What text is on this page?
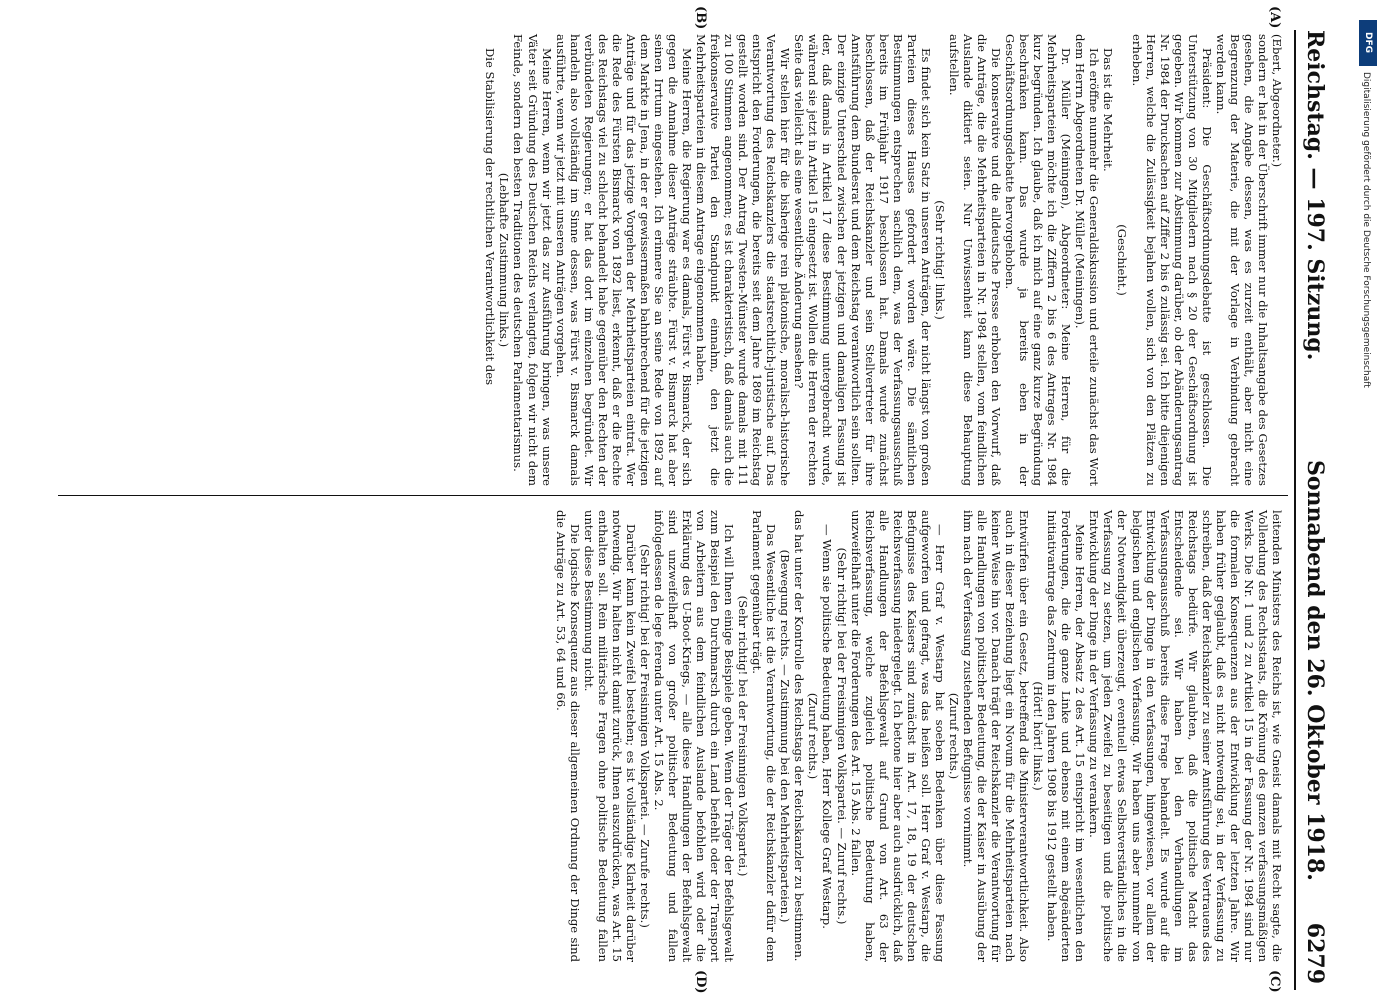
DFG
Digitalisierung gefördert durch die Deutsche Forschungsgemeinschaft
Reichstag. — 197. Sitzung.
Sonnabend den 26. Oktober 1918.
6279
(A)
(B)
(C)
(D)

(Ebert, Abgeordneter.)

sondern er hat in der Überschrift immer nur die Inhaltsangabe des Gesetzes gesehen, die Angabe dessen, was es zurzeit enthält, aber nicht eine Begrenzung der Materie, die mit der Vorlage in Verbindung gebracht werden kann.

Präsident: Die Geschäftsordnungsdebatte ist geschlossen. Die Unterstützung von 30 Mitgliedern nach § 20 der Geschäftsordnung ist gegeben. Wir kommen zur Abstimmung darüber, ob der Abänderungsantrag Nr. 1984 der Drucksachen auf Ziffer 2 bis 6 zulässig sei. Ich bitte diejenigen Herren, welche die Zulässigkeit bejahen wollen, sich von den Plätzen zu erheben.

(Geschieht.)

Das ist die Mehrheit.

Ich eröffne nunmehr die Generaldiskussion und erteile zunächst das Wort dem Herrn Abgeordneten Dr. Müller (Meiningen).

Dr. Müller (Meiningen), Abgeordneter: Meine Herren, für die Mehrheitsparteien möchte ich die Ziffern 2 bis 6 des Antrages Nr. 1984 kurz begründen. Ich glaube, daß ich mich auf eine ganz kurze Begründung beschränken kann. Das wurde ja bereits eben in der Geschäftsordnungsdebatte hervorgehoben.

Die konservative und die alldeutsche Presse erhoben den Vorwurf, daß die Anträge, die die Mehrheitsparteien in Nr. 1984 stellen, vom feindlichen Auslande diktiert seien. Nur Unwissenheit kann diese Behauptung aufstellen.

(Sehr richtig! links.)

Es findet sich kein Satz in unseren Anträgen, der nicht längst von großen Parteien dieses Hauses gefordert worden wäre. Die sämtlichen Bestimmungen entsprechen sachlich dem, was der Verfassungsausschuß bereits im Frühjahr 1917 beschlossen hat. Damals wurde zunächst beschlossen, daß der Reichskanzler und sein Stellvertreter für ihre Amtsführung dem Bundesrat und dem Reichstag verantwortlich sein sollten. Der einzige Unterschied zwischen der jetzigen und damaligen Fassung ist der, daß damals in Artikel 17 diese Bestimmung untergebracht wurde, während sie jetzt in Artikel 15 eingesetzt ist. Wollen die Herren der rechten Seite das vielleicht als eine wesentliche Änderung ansehen?

Wir stellen hier für die bisherige rein platonische, moralisch-historische Verantwortung des Reichskanzlers die staatsrechtlich-juristische auf. Das entspricht den Forderungen, die bereits seit dem Jahre 1869 im Reichstag gestellt worden sind. Der Antrag Twesten-Münster wurde damals mit 111 zu 100 Stimmen angenommen; es ist charakteristisch, daß damals auch die freikonservative Partei den Standpunkt einnahm, den jetzt die Mehrheitsparteien in diesem Antrage eingenommen haben.

Meine Herren, die Regierung war es damals, Fürst v. Bismarck, der sich gegen die Annahme dieser Anträge sträubte. Fürst v. Bismarck hat aber seinen Irrtum eingestehen. Ich erinnere Sie an seine Rede von 1892 auf dem Markte in Jena, in der er gewissermaßen bahnbrechend für die jetzigen Anträge und für das jetzige Vorgehen der Mehrheitsparteien eintrat. Wer die Rede des Fürsten Bismarck von 1892 liest, erkennt, daß er die Rechte des Reichstags viel zu schlecht behandelt habe gegenüber den Rechten der verbündeten Regierungen; er hat das dort im einzelnen begründet. Wir handeln also vollständig im Sinne dessen, was Fürst v. Bismarck damals ausführte, wenn wir jetzt mit unseren Anträgen vorgehen.

Meine Herren, wenn wir jetzt das zur Ausführung bringen, was unsere Väter seit Gründung des Deutschen Reichs verlangten, folgen wir nicht dem Feinde, sondern den besten Traditionen des deutschen Parlamentarismus.

(Lebhafte Zustimmung links.)

Die Stabilisierung der rechtlichen Verantwortlichkeit des

leitenden Ministers des Reichs ist, wie Gneist damals mit Recht sagte, die Vollendung des Rechtsstaats, die Krönung des ganzen verfassungsmäßigen Werks. Die Nr. 1 und 2 zu Artikel 15 in der Fassung der Nr. 1984 sind nur die formalen Konsequenzen aus der Entwicklung der letzten Jahre. Wir haben früher geglaubt, daß es nicht notwendig sei, in der Verfassung zu schreiben, daß der Reichskanzler zu seiner Amtsführung des Vertrauens des Reichstags bedürfe. Wir glaubten, daß die politische Macht das Entscheidende sei. Wir haben bei den Verhandlungen im Verfassungsausschuß bereits diese Frage behandelt. Es wurde auf die Entwicklung der Dinge in den Verfassungen, hingewiesen, vor allem der belgischen und englischen Verfassung. Wir haben uns aber nunmehr von der Notwendigkeit überzeugt, eventuell etwas Selbstverständliches in die Verfassung zu setzen, um jeden Zweifel zu beseitigen und die politische Entwicklung der Dinge in der Verfassung zu verankern.

Meine Herren, der Absatz 2 des Art. 15 entspricht im wesentlichen den Forderungen, die die ganze Linke und ebenso mit einem abgeänderten Initiativantrage das Zentrum in den Jahren 1908 bis 1912 gestellt haben.

(Hört! hört! links.)

Entwürfen über ein Gesetz, betreffend die Ministerverantwortlichkeit. Also auch in dieser Beziehung liegt ein Novum für die Mehrheitsparteien nach keiner Weise hin vor. Danach trägt der Reichskanzler die Verantwortung für alle Handlungen von politischer Bedeutung, die der Kaiser in Ausübung der ihm nach der Verfassung zustehenden Befugnisse vornimmt.

(Zuruf rechts.)

— Herr Graf v. Westarp hat soeben Bedenken über diese Fassung aufgeworfen und gefragt, was das heißen soll. Herr Graf v. Westarp, die Befugnisse des Kaisers sind zunächst in Art. 17, 18, 19 der deutschen Reichsverfassung niedergelegt. Ich betone hier aber auch ausdrücklich, daß alle Handlungen der Befehlsgewalt auf Grund von Art. 63 der Reichsverfassung, welche zugleich politische Bedeutung haben, unzweifelhaft unter die Forderungen des Art. 15 Abs. 2 fallen.

(Sehr richtig! bei der Freisinnigen Volkspartei. — Zuruf rechts.)

— Wenn sie politische Bedeutung haben, Herr Kollege Graf Westarp.

(Zuruf rechts.)

das hat unter der Kontrolle des Reichstags der Reichskanzler zu bestimmen.

(Bewegung rechts. — Zustimmung bei den Mehrheitsparteien.)

Das Wesentliche ist die Verantwortung, die der Reichskanzler dafür dem Parlament gegenüber trägt.

(Sehr richtig! bei der Freisinnigen Volkspartei.)

Ich will Ihnen einige Beispiele geben. Wenn der Träger der Befehlsgewalt zum Beispiel den Durchmarsch durch ein Land befiehlt oder der Transport von Arbeitern aus dem feindlichen Auslande befohlen wird oder die Erklärung des U-Boot-Kriegs, — alle diese Handlungen der Befehlsgewalt sind unzweifelhaft von großer politischer Bedeutung und fallen infolgedessen de lege ferenda unter Art. 15 Abs. 2.

(Sehr richtig! bei der Freisinnigen Volkspartei. — Zurufe rechts.)

Darüber kann kein Zweifel bestehen; es ist vollständige Klarheit darüber notwendig. Wir halten nicht damit zurück, Ihnen auszudrücken, was Art. 15 enthalten soll. Rein militärische Fragen ohne politische Bedeutung fallen unter diese Bestimmung nicht.

Die logische Konsequenz aus dieser allgemeinen Ordnung der Dinge sind die Anträge zu Art. 53, 64 und 66.
